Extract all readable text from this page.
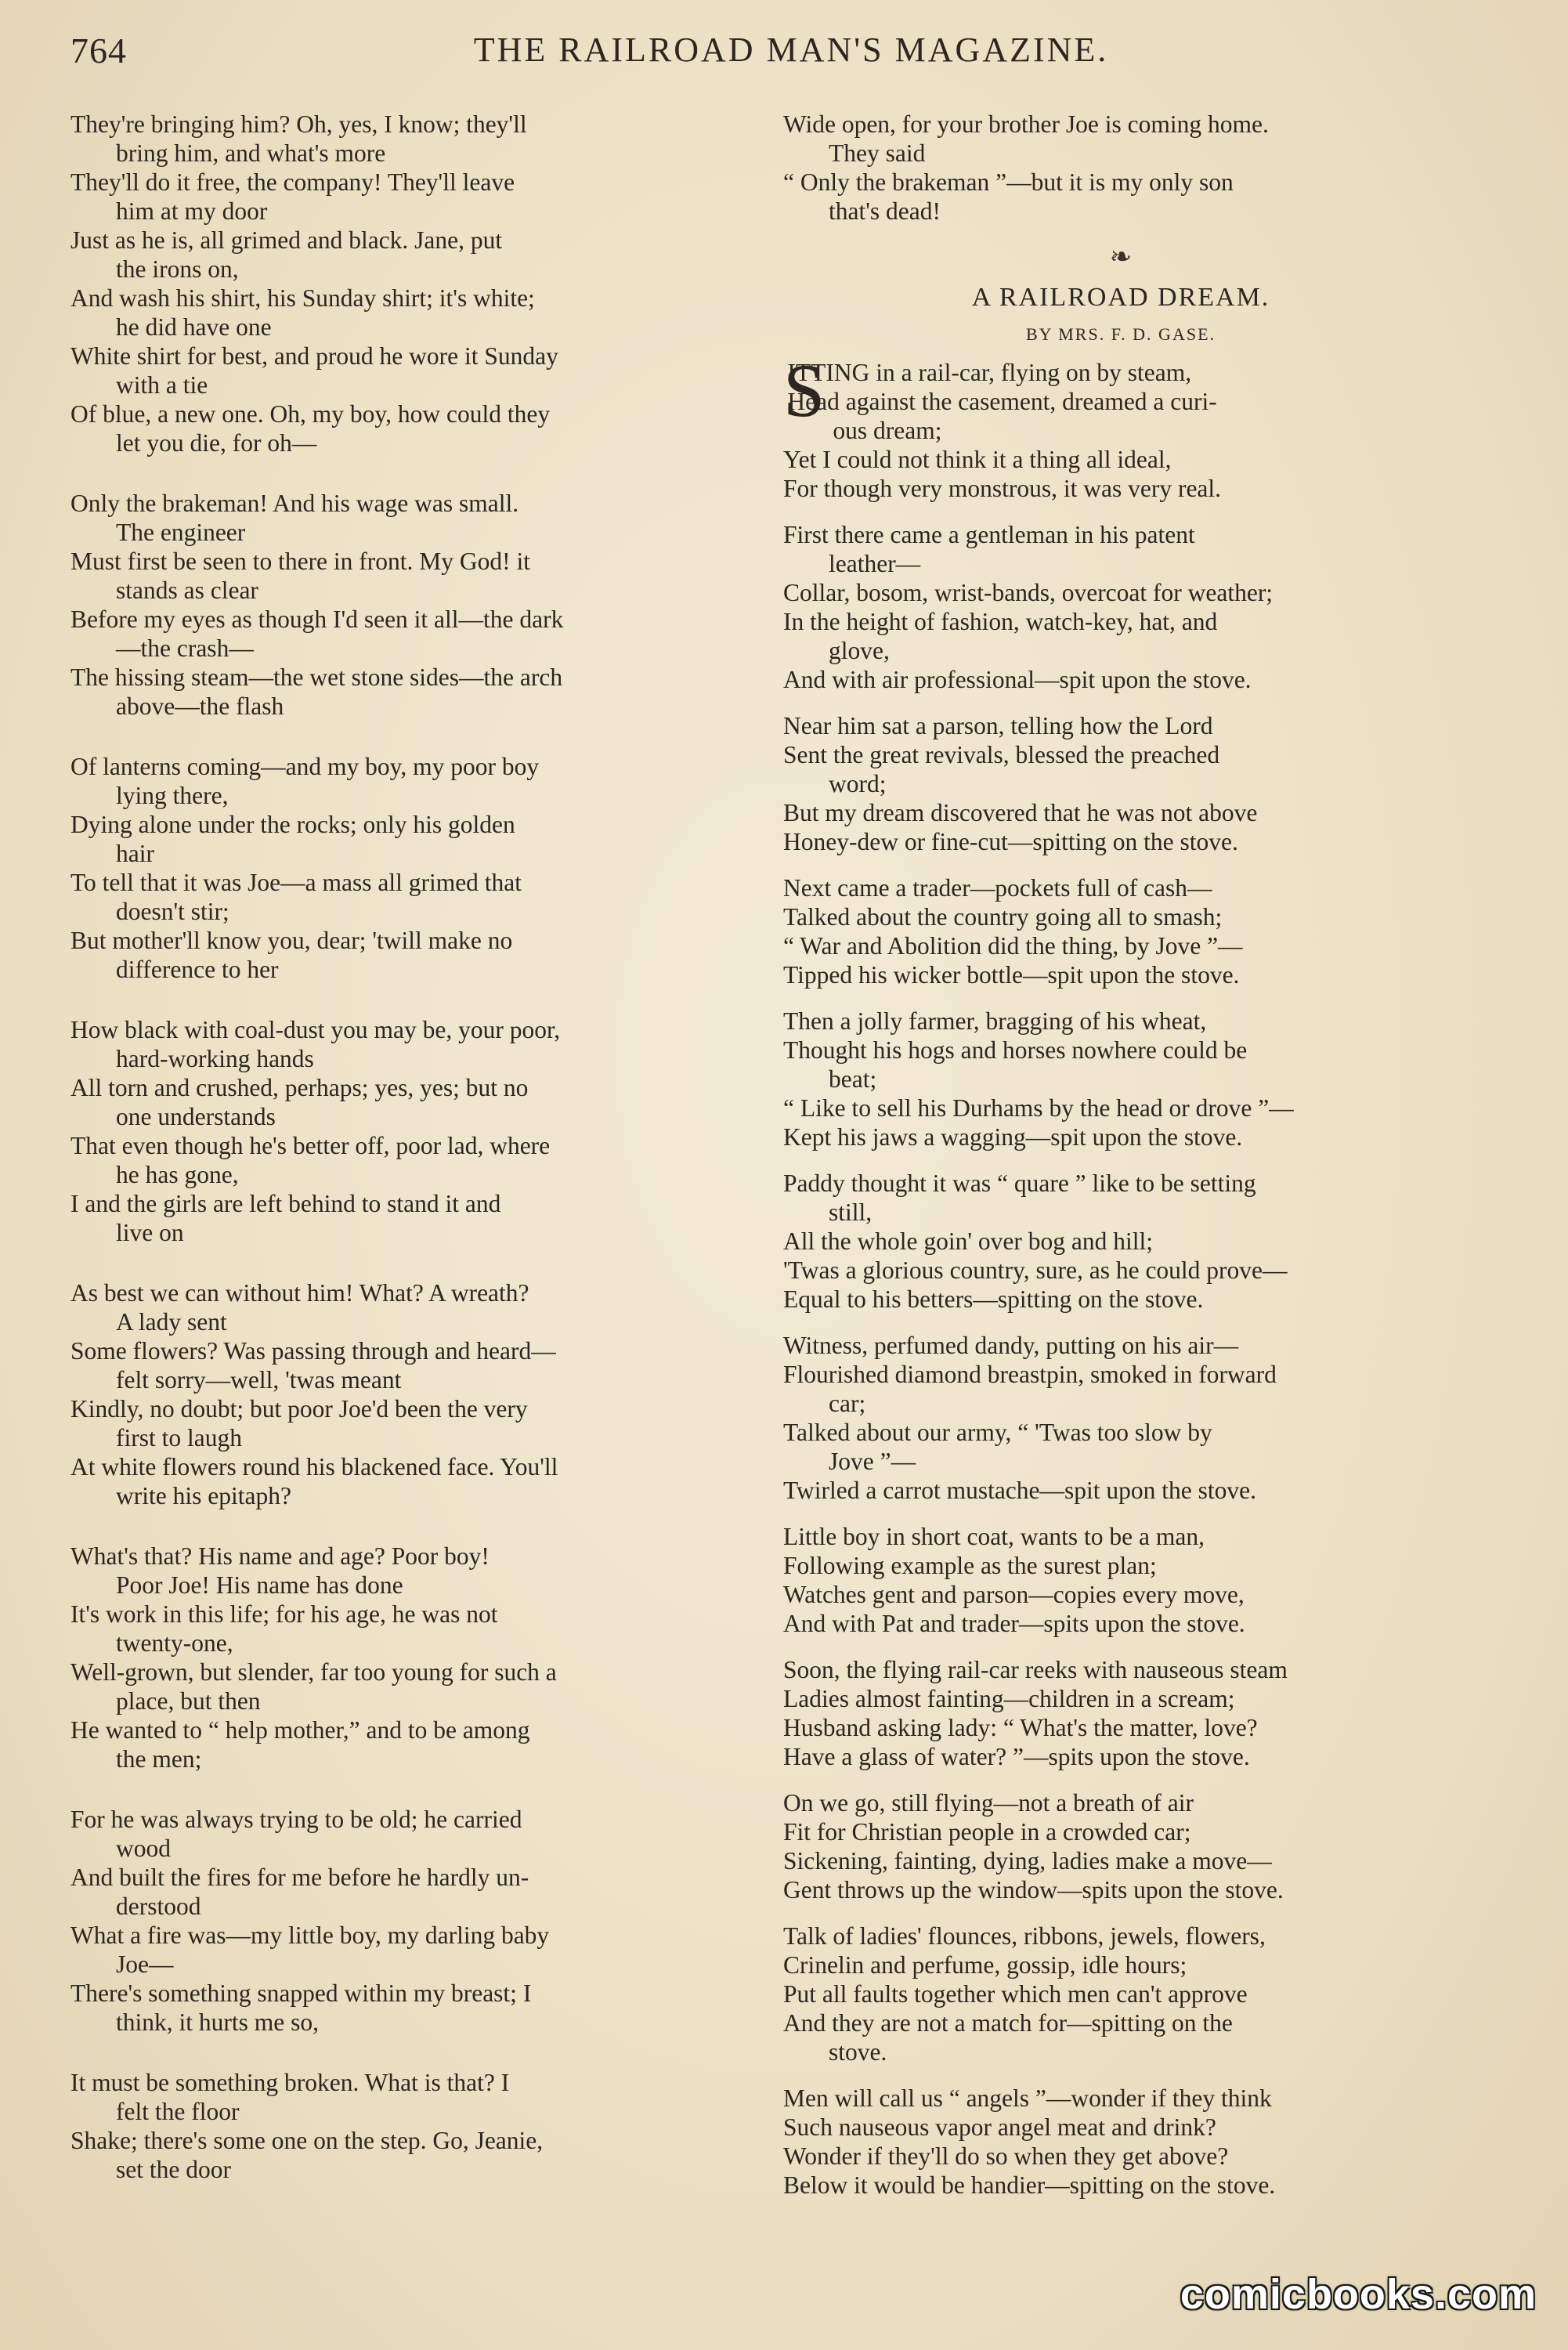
764	THE RAILROAD MAN'S MAGAZINE.
They're bringing him? Oh, yes, I know; they'll
bring him, and what's more
They'll do it free, the company! They'll leave
him at my door
Just as he is, all grimed and black. Jane, put
the irons on,
And wash his shirt, his Sunday shirt; it's white;
he did have one
White shirt for best, and proud he wore it Sunday
with a tie
Of blue, a new one. Oh, my boy, how could they
let you die, for oh—
Only the brakeman! And his wage was small.
The engineer
Must first be seen to there in front. My God! it
stands as clear
Before my eyes as though I'd seen it all—the dark
—the crash—
The hissing steam—the wet stone sides—the arch
above—the flash
Of lanterns coming—and my boy, my poor boy
lying there,
Dying alone under the rocks; only his golden
hair
To tell that it was Joe—a mass all grimed that
doesn't stir;
But mother'll know you, dear; 'twill make no
difference to her
How black with coal-dust you may be, your poor,
hard-working hands
All torn and crushed, perhaps; yes, yes; but no
one understands
That even though he's better off, poor lad, where
he has gone,
I and the girls are left behind to stand it and
live on
As best we can without him! What? A wreath?
A lady sent
Some flowers? Was passing through and heard—
felt sorry—well, 'twas meant
Kindly, no doubt; but poor Joe'd been the very
first to laugh
At white flowers round his blackened face. You'll
write his epitaph?
What's that? His name and age? Poor boy!
Poor Joe! His name has done
It's work in this life; for his age, he was not
twenty-one,
Well-grown, but slender, far too young for such a
place, but then
He wanted to “ help mother,” and to be among
the men;
For he was always trying to be old; he carried
wood
And built the fires for me before he hardly un-
derstood
What a fire was—my little boy, my darling baby
Joe—
There's something snapped within my breast; I
think, it hurts me so,
It must be something broken. What is that? I
felt the floor
Shake; there's some one on the step. Go, Jeanie,
set the door
Wide open, for your brother Joe is coming home.
They said
“ Only the brakeman ”—but it is my only son
that's dead!
❧
A RAILROAD DREAM.
BY MRS. F. D. GASE.
S
ITTING in a rail-car, flying on by steam,
Head against the casement, dreamed a curi-
ous dream;
Yet I could not think it a thing all ideal,
For though very monstrous, it was very real.
First there came a gentleman in his patent
leather—
Collar, bosom, wrist-bands, overcoat for weather;
In the height of fashion, watch-key, hat, and
glove,
And with air professional—spit upon the stove.
Near him sat a parson, telling how the Lord
Sent the great revivals, blessed the preached
word;
But my dream discovered that he was not above
Honey-dew or fine-cut—spitting on the stove.
Next came a trader—pockets full of cash—
Talked about the country going all to smash;
“ War and Abolition did the thing, by Jove ”—
Tipped his wicker bottle—spit upon the stove.
Then a jolly farmer, bragging of his wheat,
Thought his hogs and horses nowhere could be
beat;
“ Like to sell his Durhams by the head or drove ”—
Kept his jaws a wagging—spit upon the stove.
Paddy thought it was “ quare ” like to be setting
still,
All the whole goin' over bog and hill;
'Twas a glorious country, sure, as he could prove—
Equal to his betters—spitting on the stove.
Witness, perfumed dandy, putting on his air—
Flourished diamond breastpin, smoked in forward
car;
Talked about our army, “ 'Twas too slow by
Jove ”—
Twirled a carrot mustache—spit upon the stove.
Little boy in short coat, wants to be a man,
Following example as the surest plan;
Watches gent and parson—copies every move,
And with Pat and trader—spits upon the stove.
Soon, the flying rail-car reeks with nauseous steam
Ladies almost fainting—children in a scream;
Husband asking lady: “ What's the matter, love?
Have a glass of water? ”—spits upon the stove.
On we go, still flying—not a breath of air
Fit for Christian people in a crowded car;
Sickening, fainting, dying, ladies make a move—
Gent throws up the window—spits upon the stove.
Talk of ladies' flounces, ribbons, jewels, flowers,
Crinelin and perfume, gossip, idle hours;
Put all faults together which men can't approve
And they are not a match for—spitting on the
stove.
Men will call us “ angels ”—wonder if they think
Such nauseous vapor angel meat and drink?
Wonder if they'll do so when they get above?
Below it would be handier—spitting on the stove.
comicbooks.com
